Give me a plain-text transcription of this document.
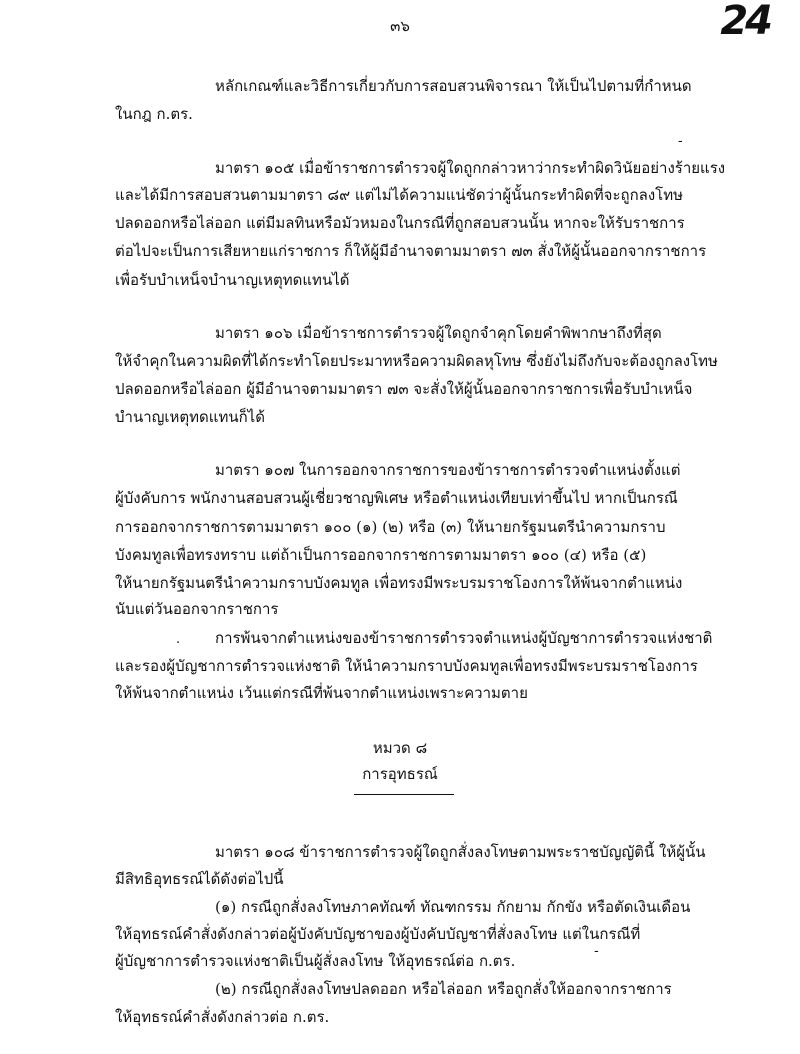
๓๖	24
หลักเกณฑ์และวิธีการเกี่ยวกับการสอบสวนพิจารณา ให้เป็นไปตามที่กำหนด
ในกฎ ก.ตร.
มาตรา ๑๐๕ เมื่อข้าราชการตำรวจผู้ใดถูกกล่าวหาว่ากระทำผิดวินัยอย่างร้ายแรง
และได้มีการสอบสวนตามมาตรา ๘๙ แต่ไม่ได้ความแน่ชัดว่าผู้นั้นกระทำผิดที่จะถูกลงโทษ
ปลดออกหรือไล่ออก แต่มีมลทินหรือมัวหมองในกรณีที่ถูกสอบสวนนั้น หากจะให้รับราชการ
ต่อไปจะเป็นการเสียหายแก่ราชการ ก็ให้ผู้มีอำนาจตามมาตรา ๗๓ สั่งให้ผู้นั้นออกจากราชการ
เพื่อรับบำเหน็จบำนาญเหตุทดแทนได้
มาตรา ๑๐๖ เมื่อข้าราชการตำรวจผู้ใดถูกจำคุกโดยคำพิพากษาถึงที่สุด
ให้จำคุกในความผิดที่ได้กระทำโดยประมาทหรือความผิดลหุโทษ ซึ่งยังไม่ถึงกับจะต้องถูกลงโทษ
ปลดออกหรือไล่ออก ผู้มีอำนาจตามมาตรา ๗๓ จะสั่งให้ผู้นั้นออกจากราชการเพื่อรับบำเหน็จ
บำนาญเหตุทดแทนก็ได้
มาตรา ๑๐๗ ในการออกจากราชการของข้าราชการตำรวจตำแหน่งตั้งแต่
ผู้บังคับการ พนักงานสอบสวนผู้เชี่ยวชาญพิเศษ หรือตำแหน่งเทียบเท่าขึ้นไป หากเป็นกรณี
การออกจากราชการตามมาตรา ๑๐๐ (๑) (๒) หรือ (๓) ให้นายกรัฐมนตรีนำความกราบ
บังคมทูลเพื่อทรงทราบ แต่ถ้าเป็นการออกจากราชการตามมาตรา ๑๐๐ (๔) หรือ (๕)
ให้นายกรัฐมนตรีนำความกราบบังคมทูล เพื่อทรงมีพระบรมราชโองการให้พ้นจากตำแหน่ง
นับแต่วันออกจากราชการ
การพ้นจากตำแหน่งของข้าราชการตำรวจตำแหน่งผู้บัญชาการตำรวจแห่งชาติ
และรองผู้บัญชาการตำรวจแห่งชาติ ให้นำความกราบบังคมทูลเพื่อทรงมีพระบรมราชโองการ
ให้พ้นจากตำแหน่ง เว้นแต่กรณีที่พ้นจากตำแหน่งเพราะความตาย
หมวด ๘
การอุทธรณ์
มาตรา ๑๐๘ ข้าราชการตำรวจผู้ใดถูกสั่งลงโทษตามพระราชบัญญัตินี้ ให้ผู้นั้น
มีสิทธิอุทธรณ์ได้ดังต่อไปนี้
(๑) กรณีถูกสั่งลงโทษภาคทัณฑ์ ทัณฑกรรม กักยาม กักขัง หรือตัดเงินเดือน
ให้อุทธรณ์คำสั่งดังกล่าวต่อผู้บังคับบัญชาของผู้บังคับบัญชาที่สั่งลงโทษ แต่ในกรณีที่
ผู้บัญชาการตำรวจแห่งชาติเป็นผู้สั่งลงโทษ ให้อุทธรณ์ต่อ ก.ตร.
(๒) กรณีถูกสั่งลงโทษปลดออก หรือไล่ออก หรือถูกสั่งให้ออกจากราชการ
ให้อุทธรณ์คำสั่งดังกล่าวต่อ ก.ตร.
-
-
.
